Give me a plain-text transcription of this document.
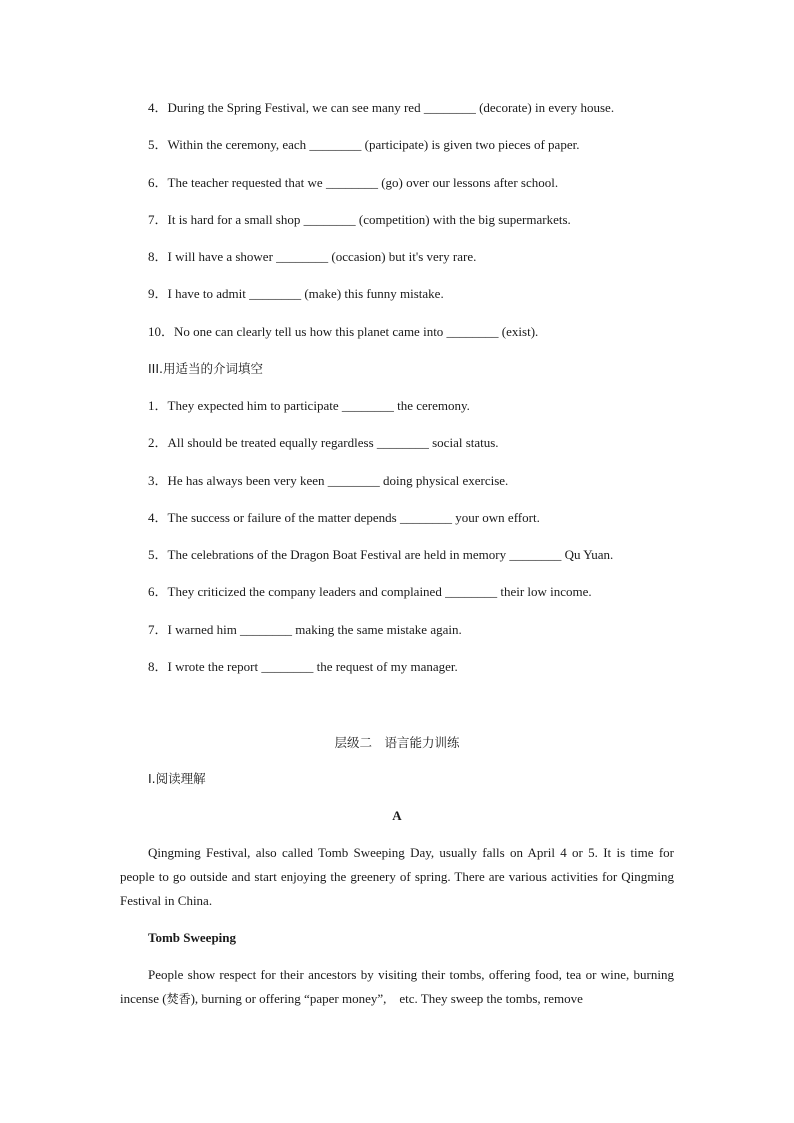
4．During the Spring Festival, we can see many red ________ (decorate) in every house.
5．Within the ceremony, each ________ (participate) is given two pieces of paper.
6．The teacher requested that we ________ (go) over our lessons after school.
7．It is hard for a small shop ________ (competition) with the big supermarkets.
8．I will have a shower ________ (occasion) but it's very rare.
9．I have to admit ________ (make) this funny mistake.
10．No one can clearly tell us how this planet came into ________ (exist).
III.用适当的介词填空
1．They expected him to participate ________ the ceremony.
2．All should be treated equally regardless ________ social status.
3．He has always been very keen ________ doing physical exercise.
4．The success or failure of the matter depends ________ your own effort.
5．The celebrations of the Dragon Boat Festival are held in memory ________ Qu Yuan.
6．They criticized the company leaders and complained ________ their low income.
7．I warned him ________ making the same mistake again.
8．I wrote the report ________ the request of my manager.
层级二　语言能力训练
Ⅰ.阅读理解
A
Qingming Festival, also called Tomb Sweeping Day, usually falls on April 4 or 5. It is time for people to go outside and start enjoying the greenery of spring. There are various activities for Qingming Festival in China.
Tomb Sweeping
People show respect for their ancestors by visiting their tombs, offering food, tea or wine, burning incense (焚香), burning or offering “paper money”,　etc. They sweep the tombs, remove
